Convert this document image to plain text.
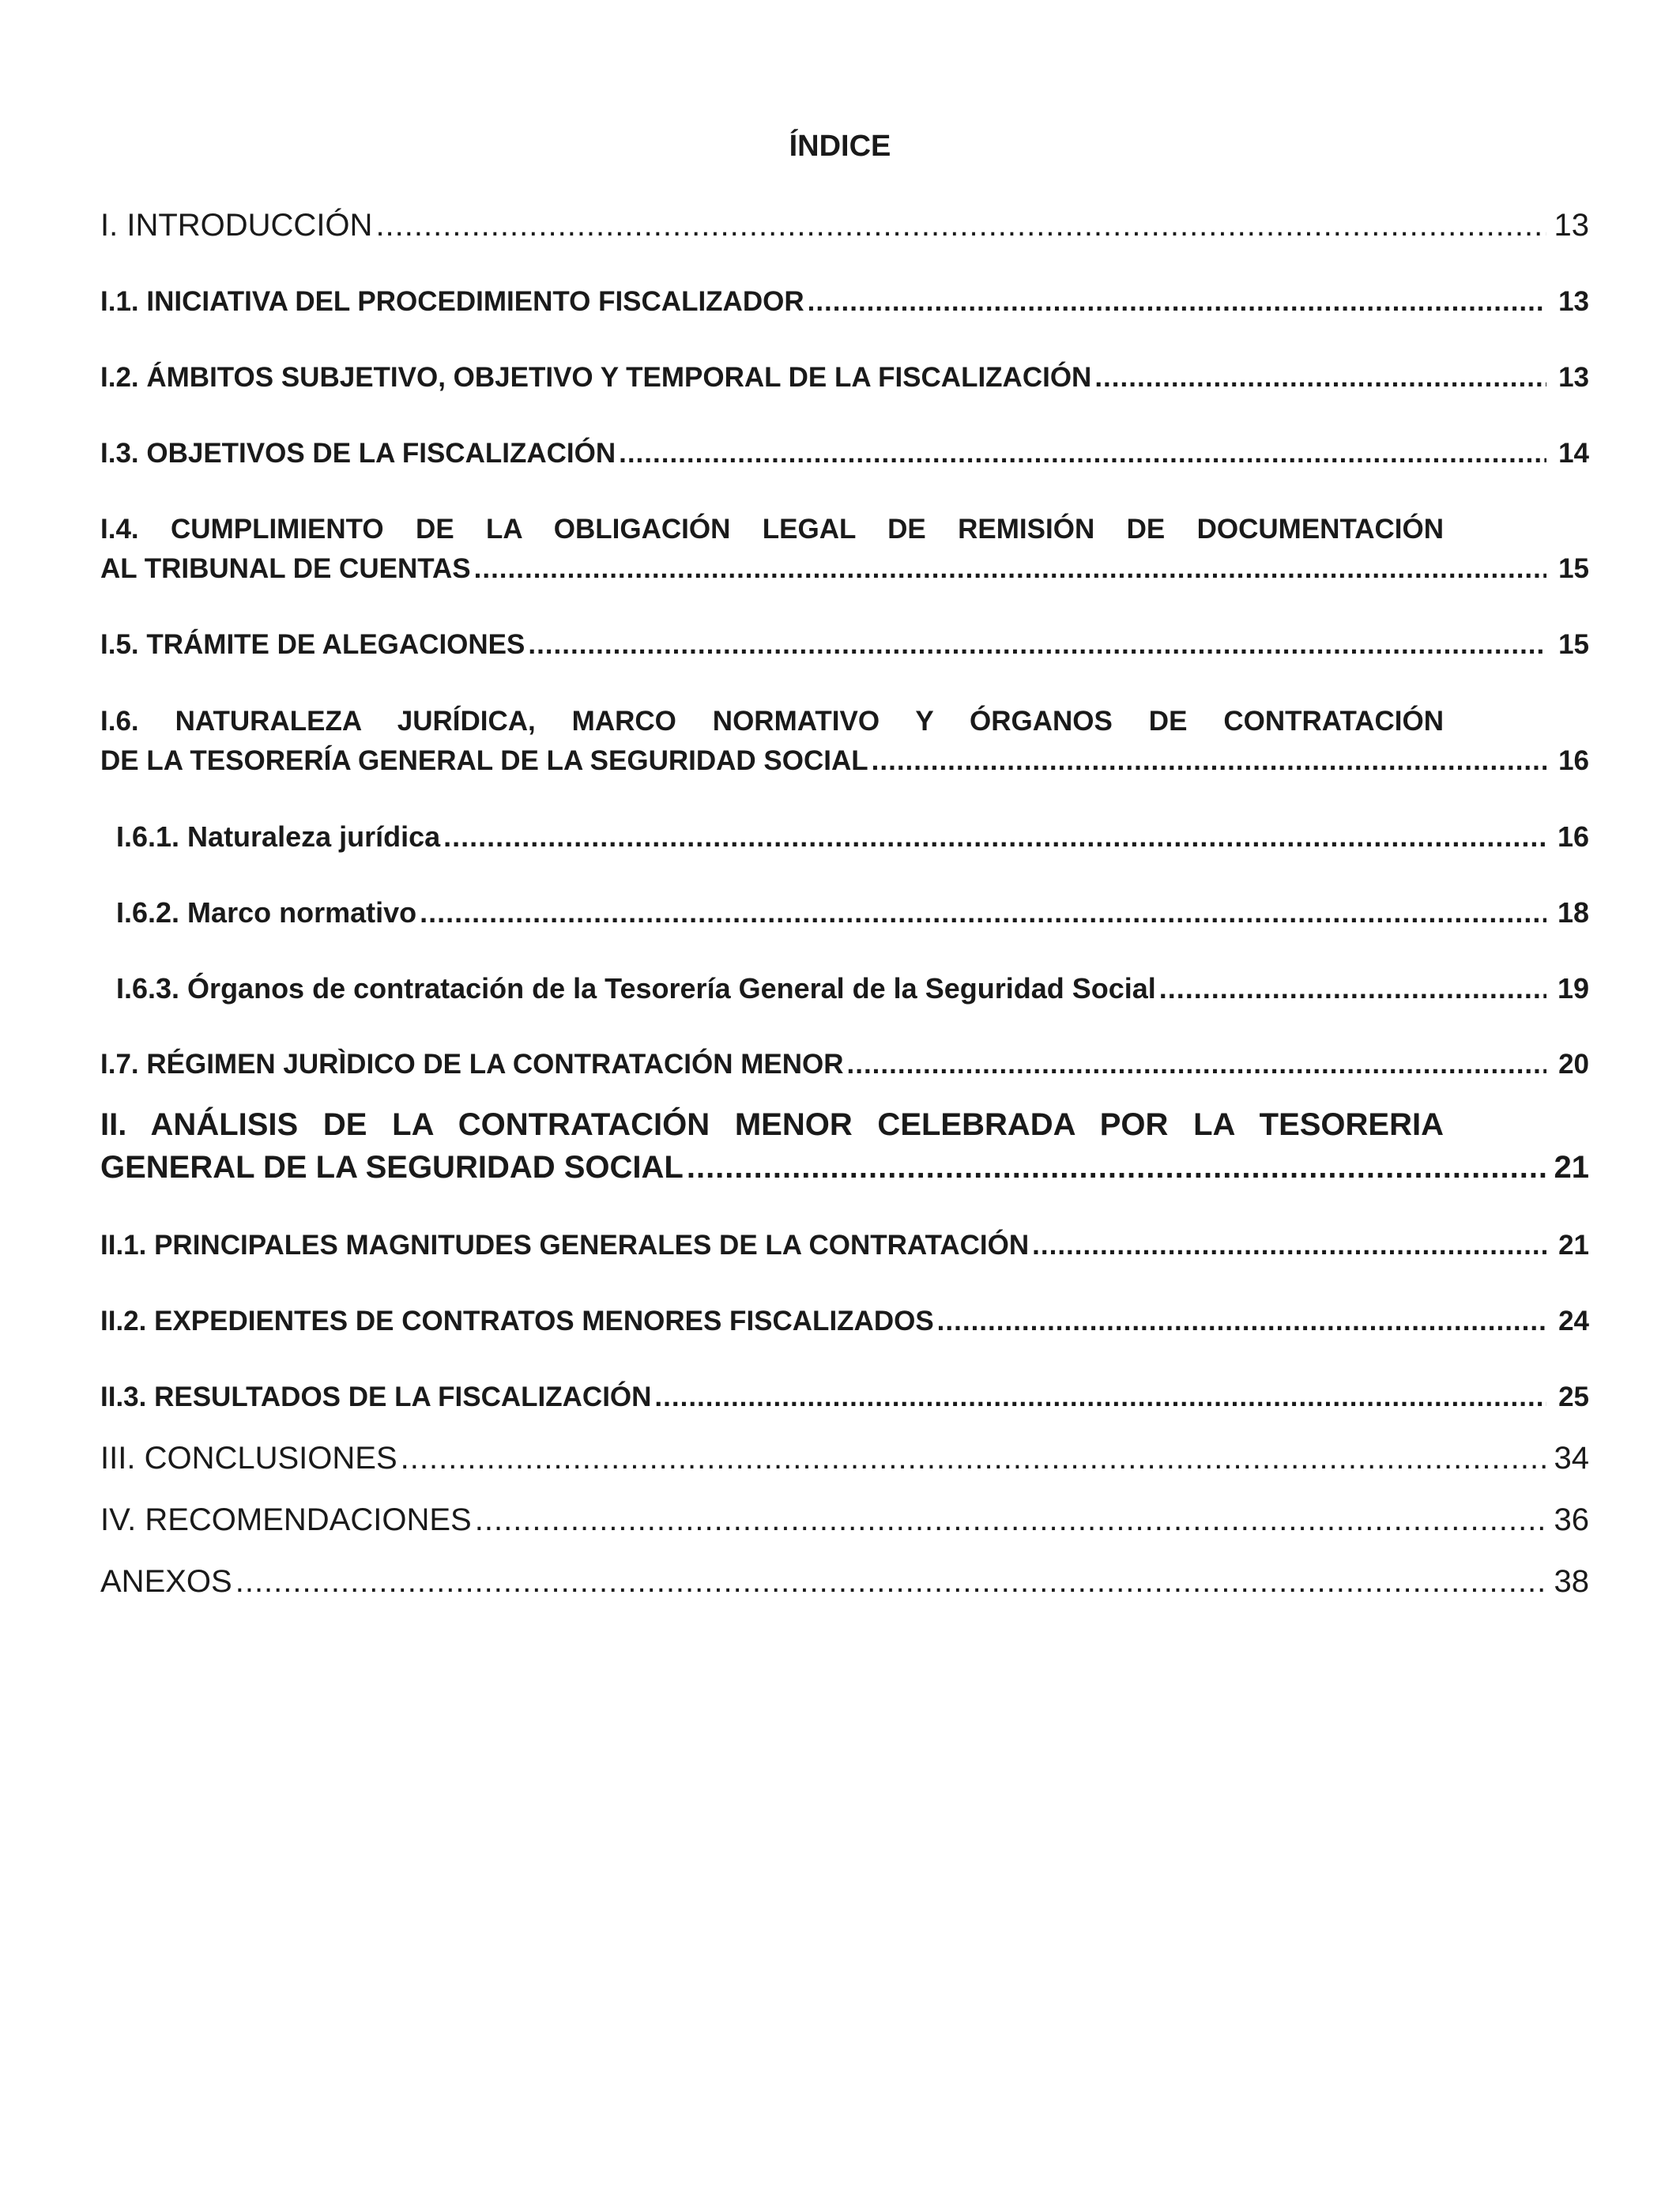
ÍNDICE
I. INTRODUCCIÓN .....	13
I.1. INICIATIVA DEL PROCEDIMIENTO FISCALIZADOR .....	13
I.2. ÁMBITOS SUBJETIVO, OBJETIVO Y TEMPORAL DE LA FISCALIZACIÓN .....	13
I.3. OBJETIVOS DE LA FISCALIZACIÓN .....	14
I.4. CUMPLIMIENTO DE LA OBLIGACIÓN LEGAL DE REMISIÓN DE DOCUMENTACIÓN
AL TRIBUNAL DE CUENTAS .....	15
I.5. TRÁMITE DE ALEGACIONES .....	15
I.6. NATURALEZA JURÍDICA, MARCO NORMATIVO Y ÓRGANOS DE CONTRATACIÓN
DE LA TESORERÍA GENERAL DE LA SEGURIDAD SOCIAL .....	16
I.6.1. Naturaleza jurídica .....	16
I.6.2. Marco normativo .....	18
I.6.3. Órganos de contratación de la Tesorería General de la Seguridad Social .....	19
I.7. RÉGIMEN JURÌDICO DE LA CONTRATACIÓN MENOR .....	20
II. ANÁLISIS DE LA CONTRATACIÓN MENOR CELEBRADA POR LA TESORERIA
GENERAL DE LA SEGURIDAD SOCIAL .....	21
II.1. PRINCIPALES MAGNITUDES GENERALES DE LA CONTRATACIÓN .....	21
II.2. EXPEDIENTES DE CONTRATOS MENORES FISCALIZADOS .....	24
II.3. RESULTADOS DE LA FISCALIZACIÓN .....	25
III. CONCLUSIONES .....	34
IV. RECOMENDACIONES .....	36
ANEXOS .....	38
